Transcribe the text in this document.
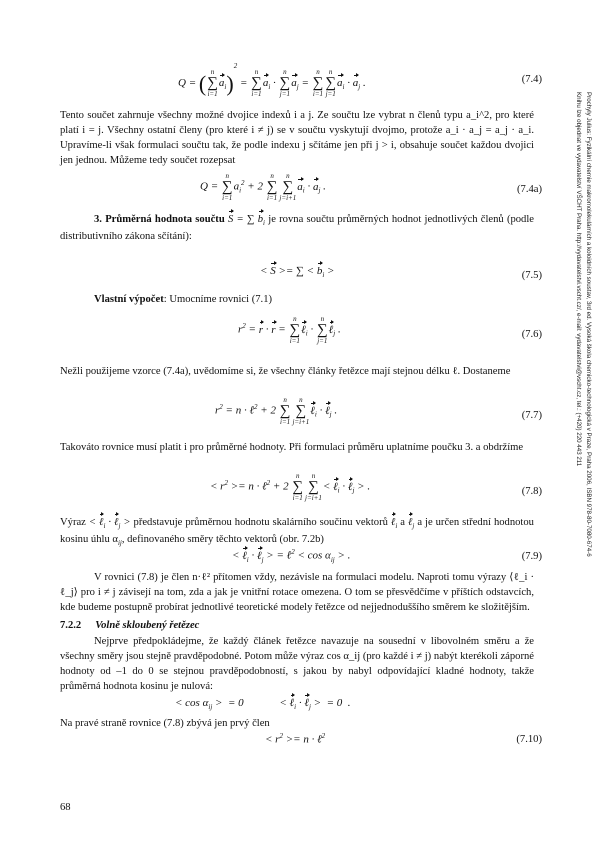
Q = ( n
∑
i=1
$a_i)^2$ =
n
∑
i=1
$a_i$ ·
n
∑
j=1
$a_j$ =
n
∑
i=1
n
∑
j=1
$a_i \cdot a_j$ .	(7.4)

Tento součet zahrnuje všechny možné dvojice indexů i a j. Ze součtu lze vybrat n členů typu a_i^2, pro které platí i = j. Všechny ostatní členy (pro které i ≠ j) se v součtu vyskytují dvojmo, protože a_i · a_j = a_j · a_i. Upravíme-li však formulaci součtu tak, že podle indexu j sčítáme jen při j > i, obsahuje součet každou dvojici jen jednou. Můžeme tedy součet rozepsat

Q =
n
∑
i=1
$a_i^2 + 2$
n
∑
i=1
n
∑
j=i+1
$a_i \cdot a_j$ .	(7.4a)

3. Průměrná hodnota součtu S = ∑ $b_i$ je rovna součtu průměrných hodnot jednotlivých členů (podle distributivního zákona sčítání):

< S >= ∑ < $b_i$ >	(7.5)

Vlastní výpočet: Umocníme rovnici (7.1)

$r^2 = r \cdot r$ =
n
∑
i=1
ℓ$_i$ ·
n
∑
j=1
ℓ$_j$ .	(7.6)

Nežli použijeme vzorce (7.4a), uvědomíme si, že všechny články řetězce mají stejnou délku ℓ. Dostaneme

$r^2 = n$ · ℓ$^2$ + 2
n
∑
i=1
n
∑
j=i+1
ℓ$_i$ · ℓ$_j$ .	(7.7)

Takováto rovnice musí platit i pro průměrné hodnoty. Při formulaci průměru uplatníme poučku 3. a obdržíme

< $r^2 >= n$ · ℓ$^2$ + 2
n
∑
i=1
n
∑
j=i+1
< ℓ$_i$ · ℓ$_j$ > .	(7.8)

Výraz < ℓ$_i$ · ℓ$_j$ > představuje průměrnou hodnotu skalárního součinu vektorů ℓ$_i$ a ℓ$_j$ a je určen střední hodnotou kosinu úhlu $\alpha_{ij}$, definovaného směry těchto vektorů (obr. 7.2b)

< ℓ$_i$ · ℓ$_j$ > = ℓ$^2$ < $\cos \alpha_{ij}$ > .	(7.9)

V rovnici (7.8) je člen n·ℓ² přítomen vždy, nezávisle na formulaci modelu. Naproti tomu výrazy ⟨ℓ_i · ℓ_j⟩ pro i ≠ j závisejí na tom, zda a jak je vnitřní rotace omezena. O tom se přesvědčíme v příštích odstavcích, kde budeme postupně probírat jednotlivé teoretické modely řetězce od nejjednoduššího směrem ke složitějším.

7.2.2 Volně skloubený řetězec

Nejprve předpokládejme, že každý článek řetězce navazuje na sousední v libovolném směru a že všechny směry jsou stejně pravděpodobné. Potom může výraz cos α_ij (pro každé i ≠ j) nabýt kterékoli záporné hodnoty od –1 do 0 se stejnou pravděpodobností, s jakou by nabyl odpovídající kladné hodnoty, takže průměrná hodnota kosinu je nulová:

< $\cos \alpha_{ij}$ >  = 0             < ℓ$_i$ · ℓ$_j$ >  = 0  .

Na pravé straně rovnice (7.8) zbývá jen prvý člen

< $r^2 >= n$ · ℓ$^2$	(7.10)
68
Prochyly Julius: Fyzikální chemie makromolekulárních a koloidních soustav, 3rd ed. Vysoká škola chemicko-technologická v Praze, Praha 2006, ISBN 978-80-7080-674-6
Knihu lze objednat ve vydavatelství VŠCHT Praha. http://vydavatelstvi.vscht.cz/, e-mail: vydavatelstvi@vscht.cz, tel.: (+420) 220 443 211
